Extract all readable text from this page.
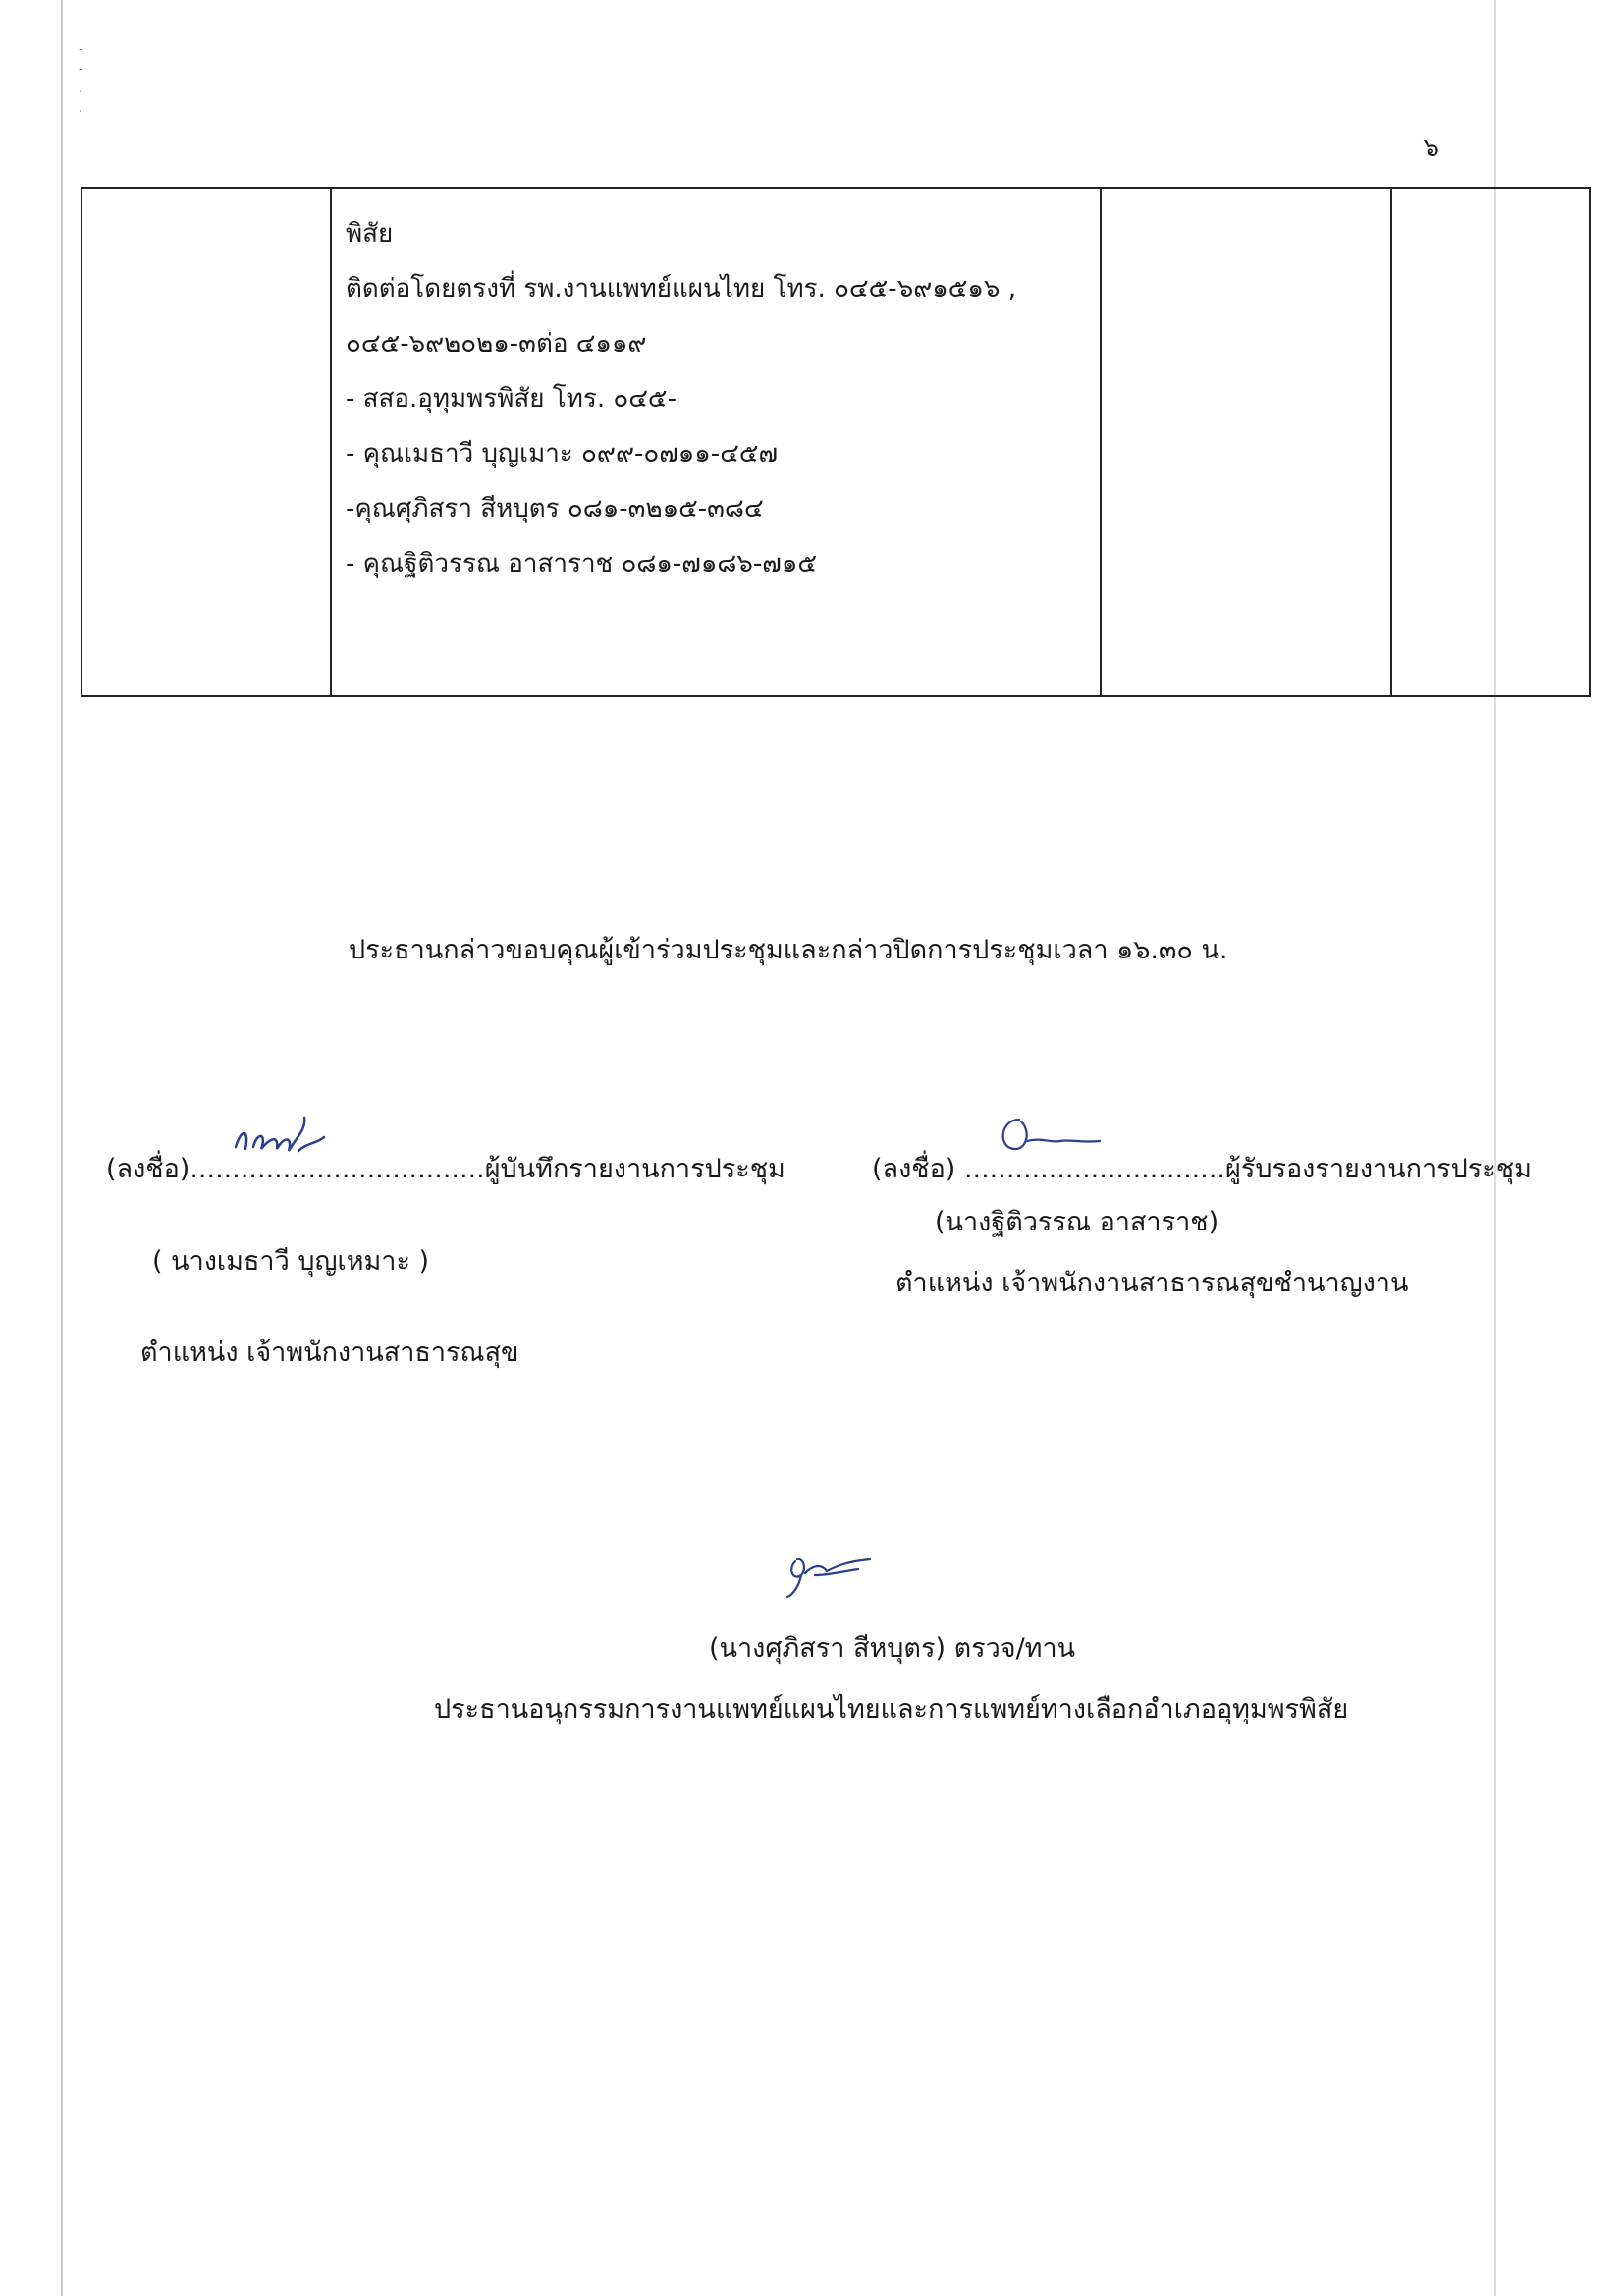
-
-
.
.
๖
พิสัย
ติดต่อโดยตรงที่ รพ.งานแพทย์แผนไทย โทร. ๐๔๕-๖๙๑๕๑๖ ,
๐๔๕-๖๙๒๐๒๑-๓ต่อ ๔๑๑๙
- สสอ.อุทุมพรพิสัย โทร. ๐๔๕-
- คุณเมธาวี บุญเมาะ ๐๙๙-๐๗๑๑-๔๕๗
-คุณศุภิสรา สีหบุตร ๐๘๑-๓๒๑๕-๓๘๔
- คุณฐิติวรรณ อาสาราช ๐๘๑-๗๑๘๖-๗๑๕
ประธานกล่าวขอบคุณผู้เข้าร่วมประชุมและกล่าวปิดการประชุมเวลา ๑๖.๓๐ น.
(ลงชื่อ)...................................ผู้บันทึกรายงานการประชุม
( นางเมธาวี บุญเหมาะ )
ตำแหน่ง เจ้าพนักงานสาธารณสุข
(ลงชื่อ) ...............................ผู้รับรองรายงานการประชุม
(นางฐิติวรรณ อาสาราช)
ตำแหน่ง เจ้าพนักงานสาธารณสุขชำนาญงาน
(นางศุภิสรา สีหบุตร) ตรวจ/ทาน
ประธานอนุกรรมการงานแพทย์แผนไทยและการแพทย์ทางเลือกอำเภออุทุมพรพิสัย
